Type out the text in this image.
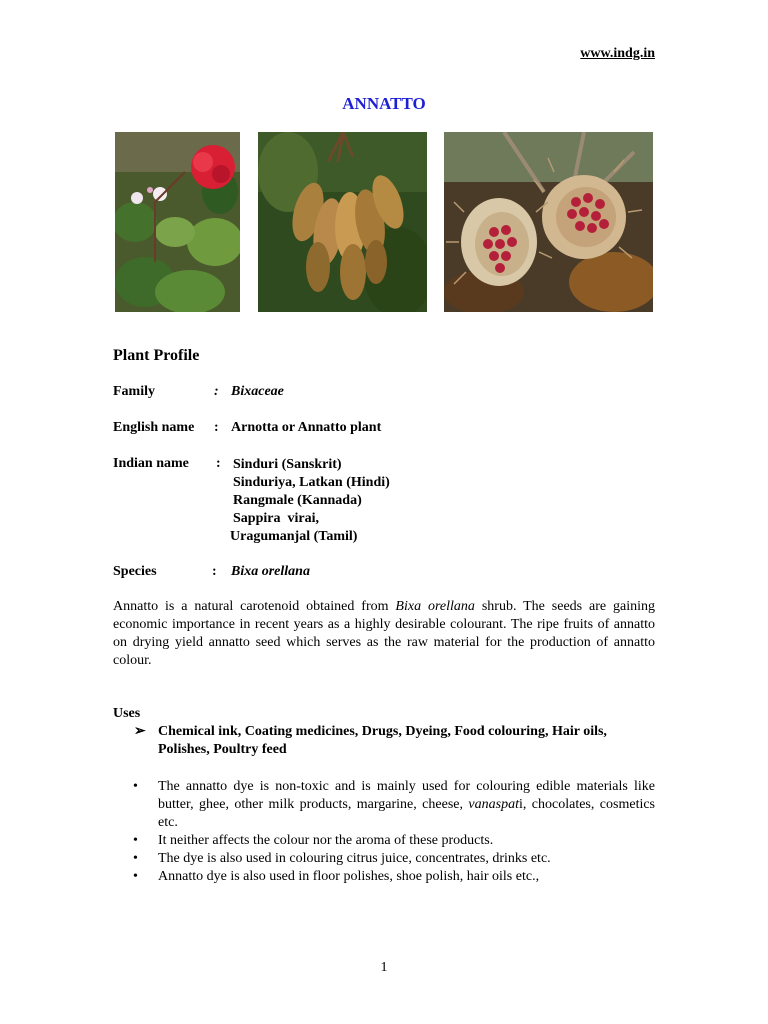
www.indg.in
ANNATTO
Plant Profile
Family	: Bixaceae
English name : Arnotta or Annatto plant
Indian name : Sinduri (Sanskrit)
Sinduriya, Latkan (Hindi)
Rangmale (Kannada)
Sappira  virai,
Uragumanjal (Tamil)
Species	: Bixa orellana
Annatto is a natural carotenoid obtained from Bixa orellana shrub. The seeds are gaining economic importance in recent years as a highly desirable colourant. The ripe fruits of annatto on drying yield annatto seed which serves as the raw material for the production of annatto colour.
Uses
➢ Chemical ink, Coating medicines, Drugs, Dyeing, Food colouring, Hair oils, Polishes, Poultry feed
• The annatto dye is non-toxic and is mainly used for colouring edible materials like butter, ghee, other milk products, margarine, cheese, vanaspati, chocolates, cosmetics etc.
• It neither affects the colour nor the aroma of these products.
• The dye is also used in colouring citrus juice, concentrates, drinks etc.
• Annatto dye is also used in floor polishes, shoe polish, hair oils etc.,
1
